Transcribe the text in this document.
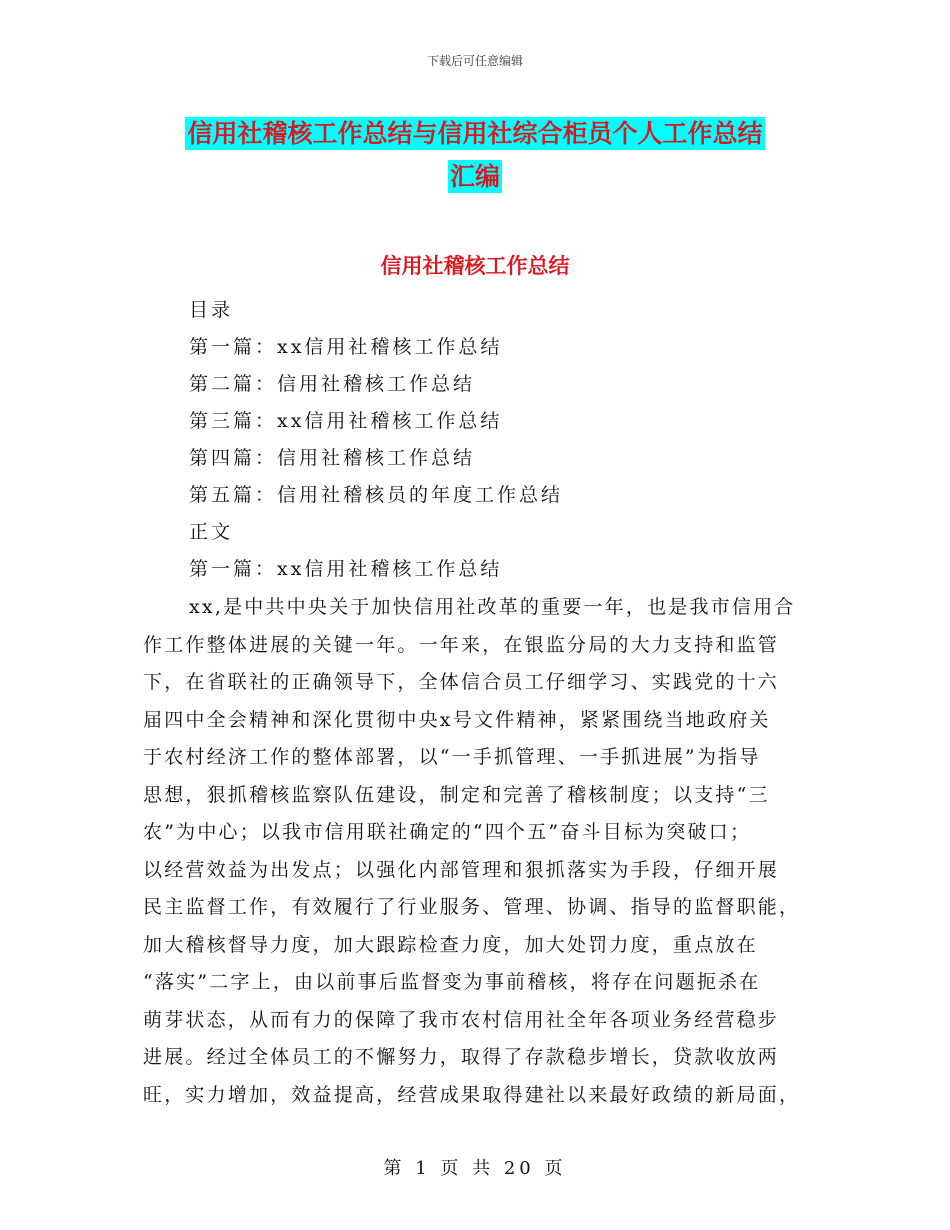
下载后可任意编辑
信用社稽核工作总结与信用社综合柜员个人工作总结
汇编
信用社稽核工作总结
目录
第一篇：xx信用社稽核工作总结
第二篇：信用社稽核工作总结
第三篇：xx信用社稽核工作总结
第四篇：信用社稽核工作总结
第五篇：信用社稽核员的年度工作总结
正文
第一篇：xx信用社稽核工作总结
xx,是中共中央关于加快信用社改革的重要一年，也是我市信用合
作工作整体进展的关键一年。一年来，在银监分局的大力支持和监管
下，在省联社的正确领导下，全体信合员工仔细学习、实践党的十六
届四中全会精神和深化贯彻中央x号文件精神，紧紧围绕当地政府关
于农村经济工作的整体部署，以“一手抓管理、一手抓进展”为指导
思想，狠抓稽核监察队伍建设，制定和完善了稽核制度；以支持“三
农”为中心；以我市信用联社确定的“四个五”奋斗目标为突破口；
以经营效益为出发点；以强化内部管理和狠抓落实为手段，仔细开展
民主监督工作，有效履行了行业服务、管理、协调、指导的监督职能，
加大稽核督导力度，加大跟踪检查力度，加大处罚力度，重点放在
“落实”二字上，由以前事后监督变为事前稽核，将存在问题扼杀在
萌芽状态，从而有力的保障了我市农村信用社全年各项业务经营稳步
进展。经过全体员工的不懈努力，取得了存款稳步增长，贷款收放两
旺，实力增加，效益提高，经营成果取得建社以来最好政绩的新局面，
第 1 页 共 20 页
